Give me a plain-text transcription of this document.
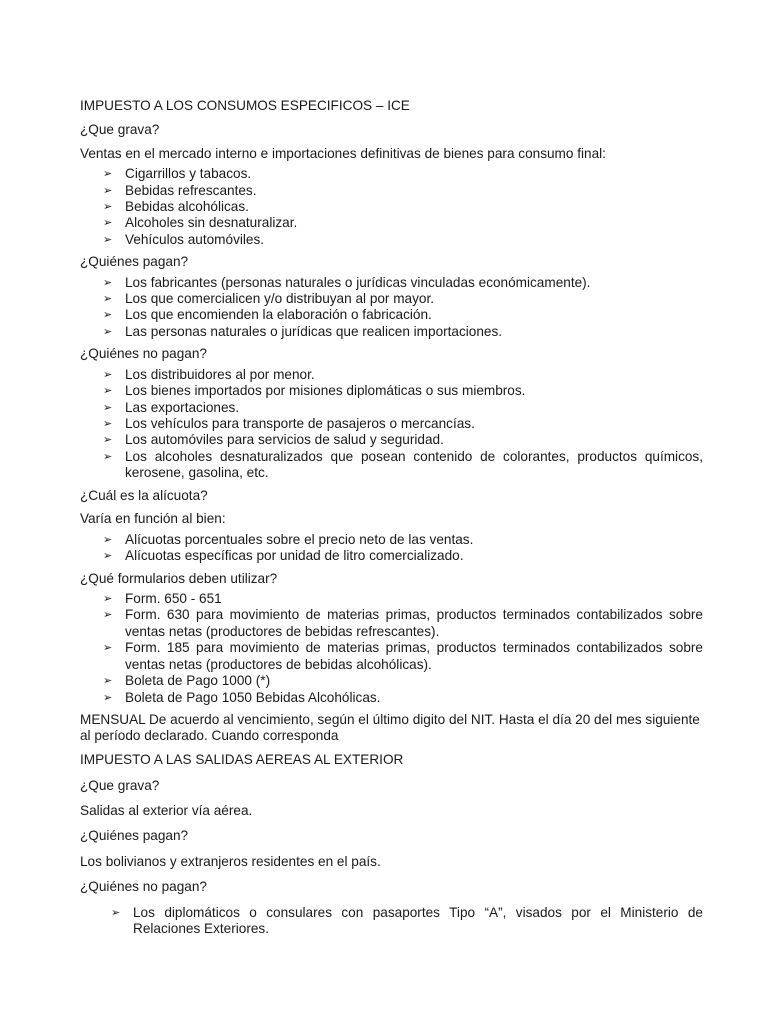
IMPUESTO A LOS CONSUMOS ESPECIFICOS – ICE

¿Que grava?

Ventas en el mercado interno e importaciones definitivas de bienes para consumo final:

➢ Cigarrillos y tabacos.
➢ Bebidas refrescantes.
➢ Bebidas alcohólicas.
➢ Alcoholes sin desnaturalizar.
➢ Vehículos automóviles.

¿Quiénes pagan?

➢ Los fabricantes (personas naturales o jurídicas vinculadas económicamente).
➢ Los que comercialicen y/o distribuyan al por mayor.
➢ Los que encomienden la elaboración o fabricación.
➢ Las personas naturales o jurídicas que realicen importaciones.

¿Quiénes no pagan?

➢ Los distribuidores al por menor.
➢ Los bienes importados por misiones diplomáticas o sus miembros.
➢ Las exportaciones.
➢ Los vehículos para transporte de pasajeros o mercancías.
➢ Los automóviles para servicios de salud y seguridad.
➢ Los alcoholes desnaturalizados que posean contenido de colorantes, productos químicos, kerosene, gasolina, etc.

¿Cuál es la alícuota?

Varía en función al bien:

➢ Alícuotas porcentuales sobre el precio neto de las ventas.
➢ Alícuotas específicas por unidad de litro comercializado.

¿Qué formularios deben utilizar?

➢ Form. 650 - 651
➢ Form. 630 para movimiento de materias primas, productos terminados contabilizados sobre ventas netas (productores de bebidas refrescantes).
➢ Form. 185 para movimiento de materias primas, productos terminados contabilizados sobre ventas netas (productores de bebidas alcohólicas).
➢ Boleta de Pago 1000 (*)
➢ Boleta de Pago 1050 Bebidas Alcohólicas.

MENSUAL De acuerdo al vencimiento, según el último digito del NIT. Hasta el día 20 del mes siguiente al período declarado. Cuando corresponda

IMPUESTO A LAS SALIDAS AEREAS AL EXTERIOR

¿Que grava?

Salidas al exterior vía aérea.

¿Quiénes pagan?

Los bolivianos y extranjeros residentes en el país.

¿Quiénes no pagan?

➢ Los diplomáticos o consulares con pasaportes Tipo “A”, visados por el Ministerio de Relaciones Exteriores.
